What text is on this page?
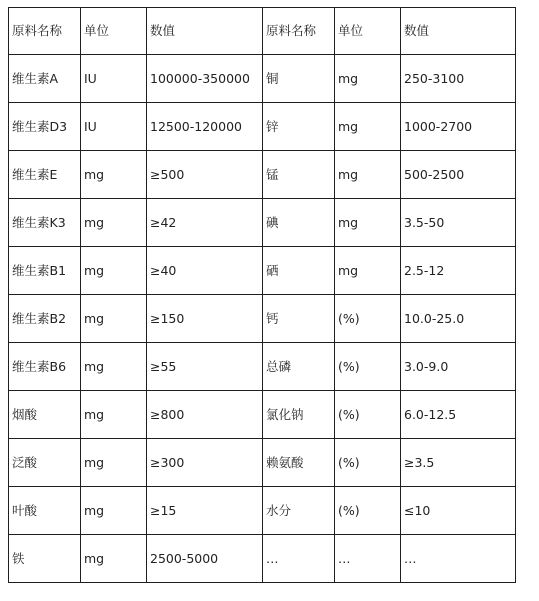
原料名称	单位	数值	原料名称	单位	数值
维生素A	IU	100000-350000	铜	mg	250-3100
维生素D3	IU	12500-120000	锌	mg	1000-2700
维生素E	mg	≥500	锰	mg	500-2500
维生素K3	mg	≥42	碘	mg	3.5-50
维生素B1	mg	≥40	硒	mg	2.5-12
维生素B2	mg	≥150	钙	(%)	10.0-25.0
维生素B6	mg	≥55	总磷	(%)	3.0-9.0
烟酸	mg	≥800	氯化钠	(%)	6.0-12.5
泛酸	mg	≥300	赖氨酸	(%)	≥3.5
叶酸	mg	≥15	水分	(%)	≤10
铁	mg	2500-5000	…	…	…
